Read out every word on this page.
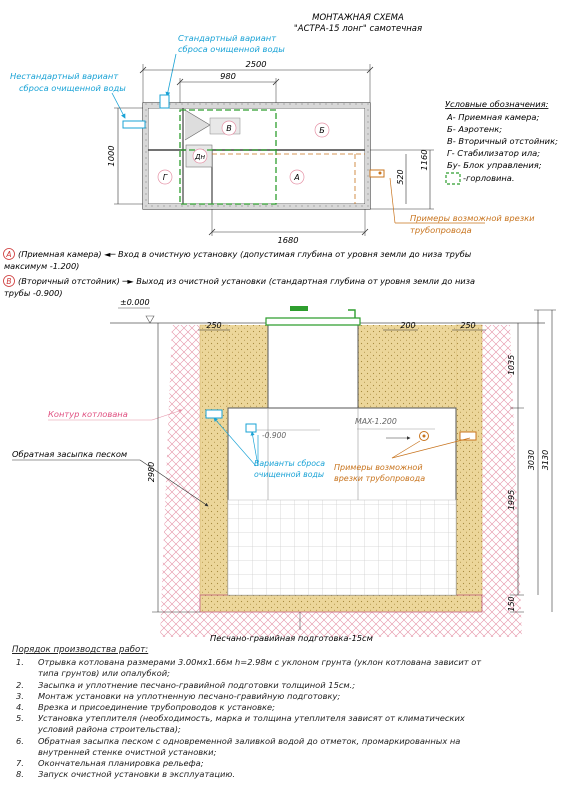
МОНТАЖНАЯ СХЕМА
"АСТРА-15 лонг" самотечная
Стандартный вариант
сброса очищенной воды
Нестандартный вариант
сброса очищенной воды
2500
980
В	Б
Г	А
Дн
1000	1160
520
1680
Примеры возможной врезки
трубопровода
Условные обозначения:
А- Приемная камера;
Б- Аэротенк;
В- Вторичный отстойник;
Г- Стабилизатор ила;
Бу- Блок управления;
-горловина.
А (Приемная камера) ◄─ Вход в очистную установку (допустимая глубина от уровня земли до низа трубы
максимум -1.200)
В (Вторичный отстойник) ─► Выход из очистной установки (стандартная глубина от уровня земли до низа
трубы -0.900)
±0.000
-0.900
Варианты сброса
очищенной воды
MAX-1.200
Примеры возможной
врезки трубопровода
Контур котлована
Обратная засыпка песком
250	200	250
1035
1995
150
3030 3130
2980
Песчано-гравийная подготовка-15см
Порядок производства работ:
1.	Отрывка котлована размерами 3.00мх1.66м h=2.98м с уклоном грунта (уклон котлована зависит от
типа грунтов) или опалубкой;
2.	Засыпка и уплотнение песчано-гравийной подготовки толщиной 15см.;
3.	Монтаж установки на уплотненную песчано-гравийную подготовку;
4.	Врезка и присоединение трубопроводов к установке;
5.	Установка утеплителя (необходимость, марка и толщина утеплителя зависят от климатических
условий района строительства);
6.	Обратная засыпка песком с одновременной заливкой водой до отметок, промаркированных на
внутренней стенке очистной установки;
7.	Окончательная планировка рельефа;
8.	Запуск очистной установки в эксплуатацию.
